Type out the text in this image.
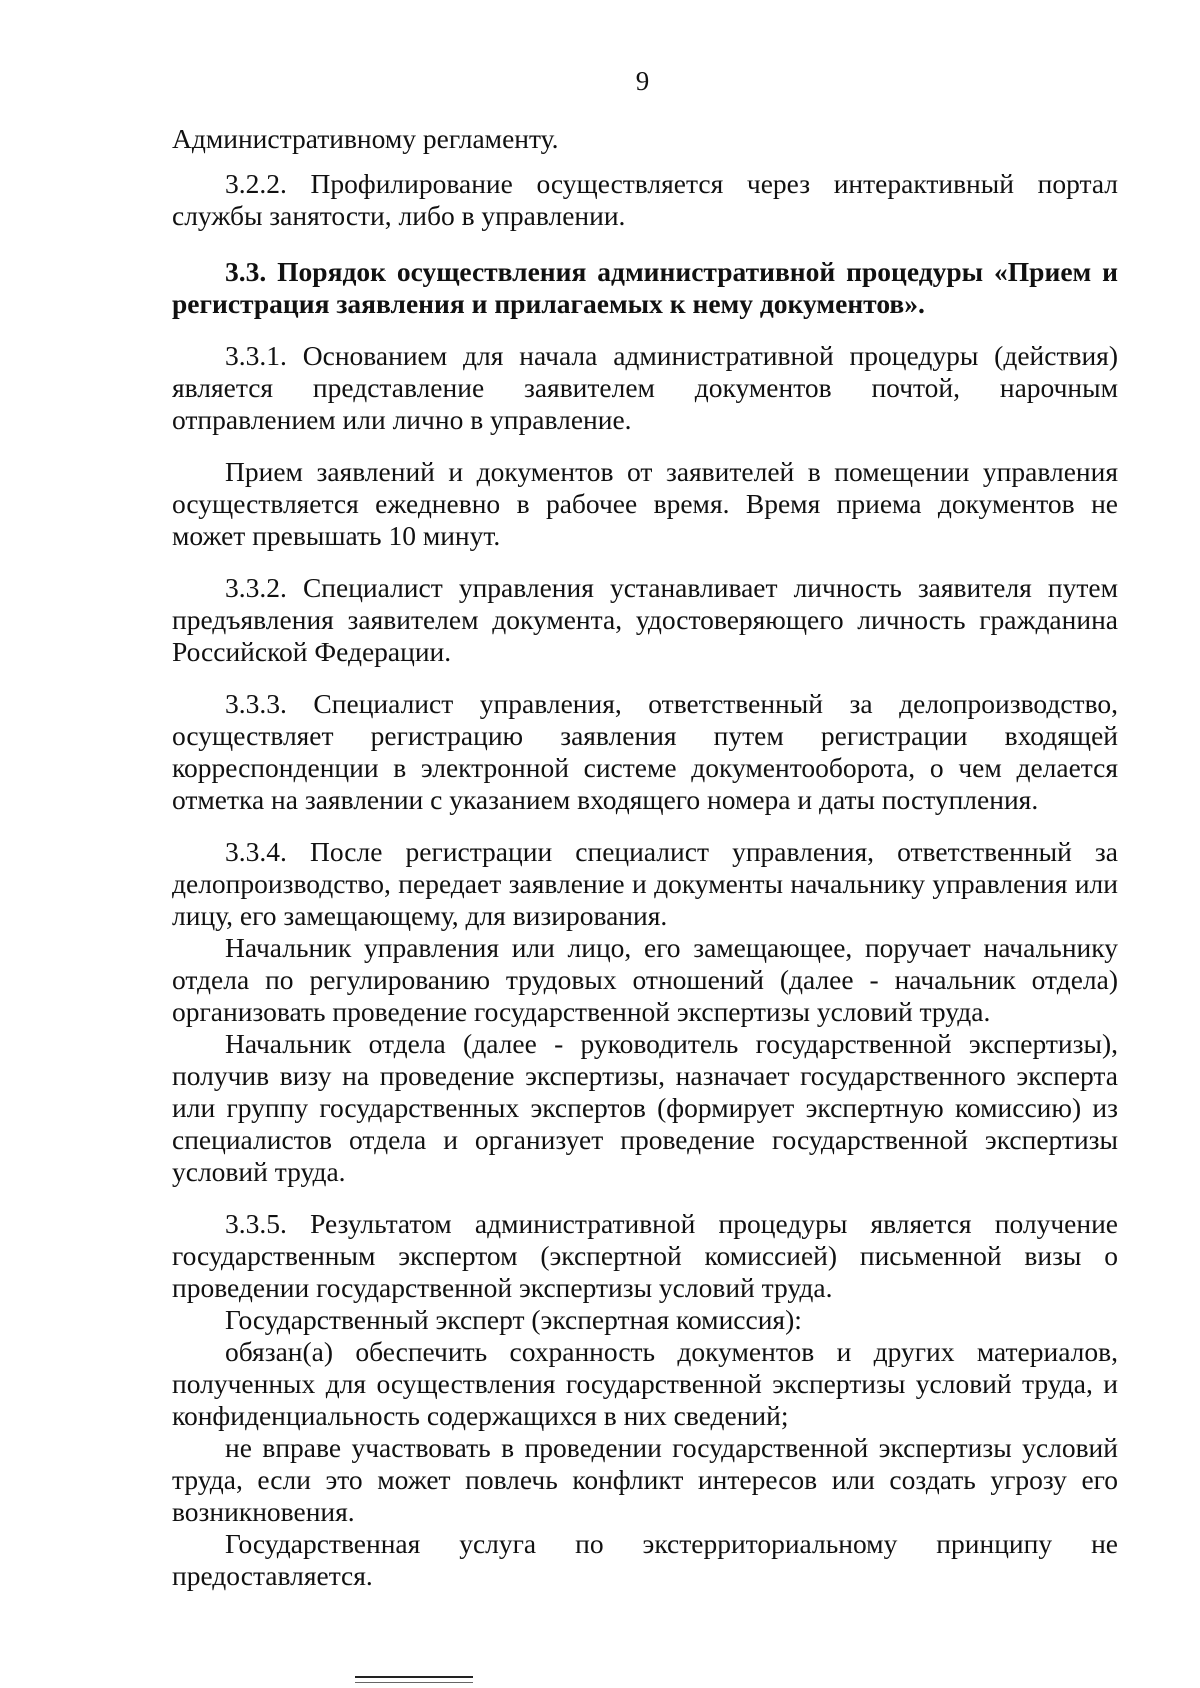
9

Административному регламенту.

3.2.2. Профилирование осуществляется через интерактивный портал службы занятости, либо в управлении.

3.3. Порядок осуществления административной процедуры «Прием и регистрация заявления и прилагаемых к нему документов».

3.3.1. Основанием для начала административной процедуры (действия) является представление заявителем документов почтой, нарочным отправлением или лично в управление.

Прием заявлений и документов от заявителей в помещении управления осуществляется ежедневно в рабочее время. Время приема документов не может превышать 10 минут.

3.3.2. Специалист управления устанавливает личность заявителя путем предъявления заявителем документа, удостоверяющего личность гражданина Российской Федерации.

3.3.3. Специалист управления, ответственный за делопроизводство, осуществляет регистрацию заявления путем регистрации входящей корреспонденции в электронной системе документооборота, о чем делается отметка на заявлении с указанием входящего номера и даты поступления.

3.3.4. После регистрации специалист управления, ответственный за делопроизводство, передает заявление и документы начальнику управления или лицу, его замещающему, для визирования.

Начальник управления или лицо, его замещающее, поручает начальнику отдела по регулированию трудовых отношений (далее - начальник отдела) организовать проведение государственной экспертизы условий труда.

Начальник отдела (далее - руководитель государственной экспертизы), получив визу на проведение экспертизы, назначает государственного эксперта или группу государственных экспертов (формирует экспертную комиссию) из специалистов отдела и организует проведение государственной экспертизы условий труда.

3.3.5. Результатом административной процедуры является получение государственным экспертом (экспертной комиссией) письменной визы о проведении государственной экспертизы условий труда.

Государственный эксперт (экспертная комиссия):

обязан(а) обеспечить сохранность документов и других материалов, полученных для осуществления государственной экспертизы условий труда, и конфиденциальность содержащихся в них сведений;

не вправе участвовать в проведении государственной экспертизы условий труда, если это может повлечь конфликт интересов или создать угрозу его возникновения.

Государственная услуга по экстерриториальному принципу не предоставляется.
